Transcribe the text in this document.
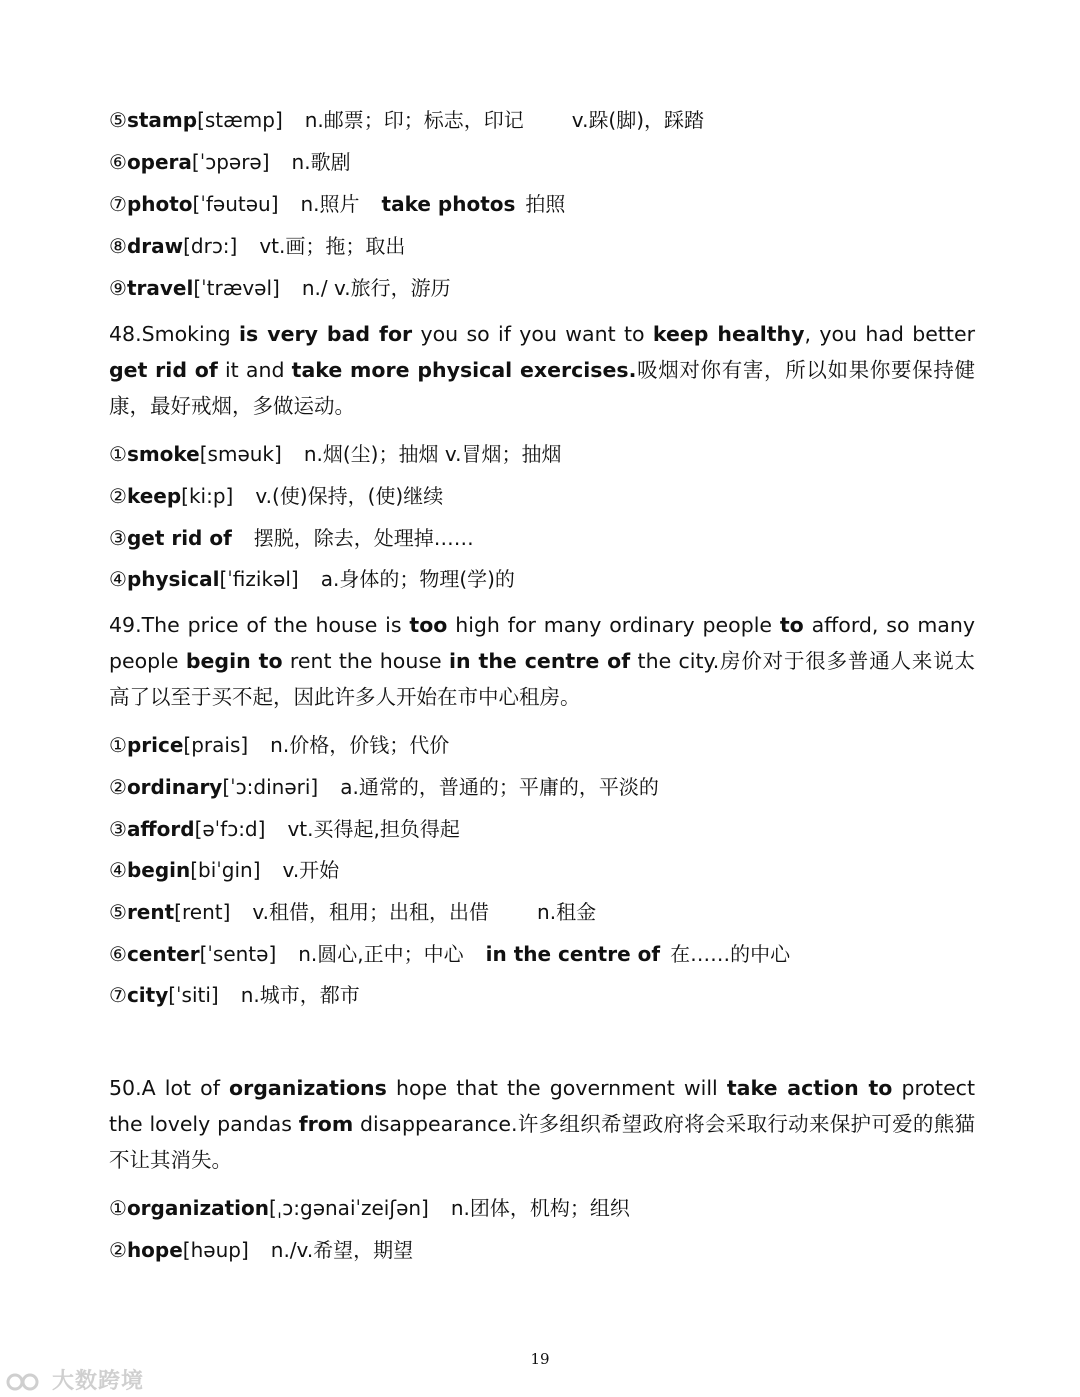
⑤stamp[stæmp] n.邮票；印；标志，印记 v.跺(脚)，踩踏
⑥opera[ˈɔpərə] n.歌剧
⑦photo[ˈfəutəu] n.照片 take photos 拍照
⑧draw[drɔ:] vt.画；拖；取出
⑨travel[ˈtrævəl] n./ v.旅行，游历
48.Smoking is very bad for you so if you want to keep healthy, you had better get rid of it and take more physical exercises.吸烟对你有害，所以如果你要保持健康，最好戒烟，多做运动。
①smoke[sməuk] n.烟(尘)；抽烟 v.冒烟；抽烟
②keep[ki:p] v.(使)保持，(使)继续
③get rid of 摆脱，除去，处理掉……
④physical[ˈfizikəl] a.身体的；物理(学)的
49.The price of the house is too high for many ordinary people to afford, so many people begin to rent the house in the centre of the city.房价对于很多普通人来说太高了以至于买不起，因此许多人开始在市中心租房。
①price[prais] n.价格，价钱；代价
②ordinary[ˈɔ:dinəri] a.通常的，普通的；平庸的，平淡的
③afford[əˈfɔ:d] vt.买得起,担负得起
④begin[biˈgin] v.开始
⑤rent[rent] v.租借，租用；出租，出借 n.租金
⑥center[ˈsentə] n.圆心,正中；中心 in the centre of 在……的中心
⑦city[ˈsiti] n.城市，都市
50.A lot of organizations hope that the government will take action to protect the lovely pandas from disappearance.许多组织希望政府将会采取行动来保护可爱的熊猫不让其消失。
①organization[ˌɔ:gənaiˈzeiʃən] n.团体，机构；组织
②hope[həup] n./v.希望，期望
19
大数跨境
